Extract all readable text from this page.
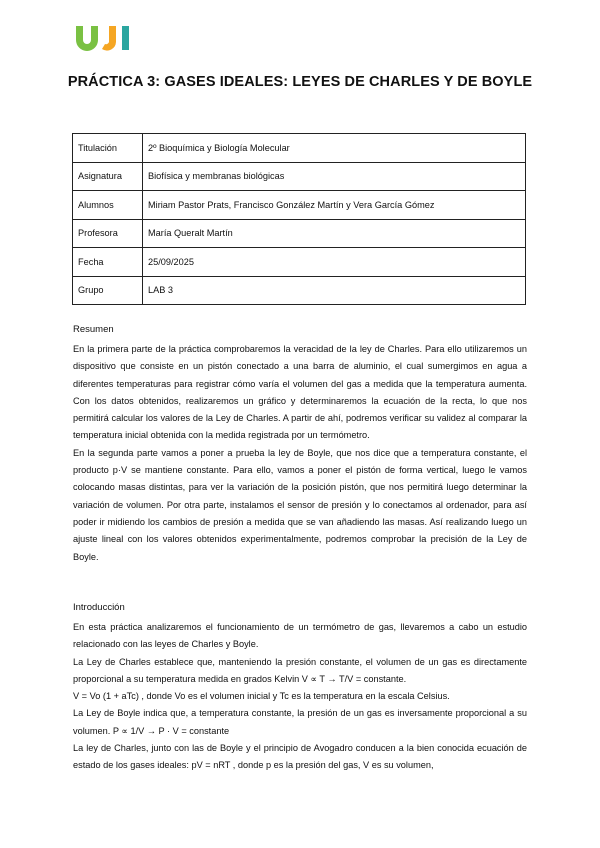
PRÁCTICA 3: GASES IDEALES: LEYES DE CHARLES Y DE BOYLE
Titulación	2º Bioquímica y Biología Molecular
Asignatura	Biofísica y membranas biológicas
Alumnos	Miriam Pastor Prats, Francisco González Martín y Vera García Gómez
Profesora	María Queralt Martín
Fecha	25/09/2025
Grupo	LAB 3
Resumen

En la primera parte de la práctica comprobaremos la veracidad de la ley de Charles. Para ello utilizaremos un dispositivo que consiste en un pistón conectado a una barra de aluminio, el cual sumergimos en agua a diferentes temperaturas para registrar cómo varía el volumen del gas a medida que la temperatura aumenta. Con los datos obtenidos, realizaremos un gráfico y determinaremos la ecuación de la recta, lo que nos permitirá calcular los valores de la Ley de Charles. A partir de ahí, podremos verificar su validez al comparar la temperatura inicial obtenida con la medida registrada por un termómetro.

En la segunda parte vamos a poner a prueba la ley de Boyle, que nos dice que a temperatura constante, el producto p·V se mantiene constante. Para ello, vamos a poner el pistón de forma vertical, luego le vamos colocando masas distintas, para ver la variación de la posición pistón, que nos permitirá luego determinar la variación de volumen. Por otra parte, instalamos el sensor de presión y lo conectamos al ordenador, para así poder ir midiendo los cambios de presión a medida que se van añadiendo las masas. Así realizando luego un ajuste lineal con los valores obtenidos experimentalmente, podremos comprobar la precisión de la Ley de Boyle.

Introducción

En esta práctica analizaremos el funcionamiento de un termómetro de gas, llevaremos a cabo un estudio relacionado con las leyes de Charles y Boyle.

La Ley de Charles establece que, manteniendo la presión constante, el volumen de un gas es directamente proporcional a su temperatura medida en grados Kelvin V ∝ T → T/V = constante.

V = Vo (1 + aTc) , donde Vo es el volumen inicial y Tc es la temperatura en la escala Celsius.

La Ley de Boyle indica que, a temperatura constante, la presión de un gas es inversamente proporcional a su volumen. P ∝ 1/V → P · V = constante

La ley de Charles, junto con las de Boyle y el principio de Avogadro conducen a la bien conocida ecuación de estado de los gases ideales: pV = nRT , donde p es la presión del gas, V es su volumen,
